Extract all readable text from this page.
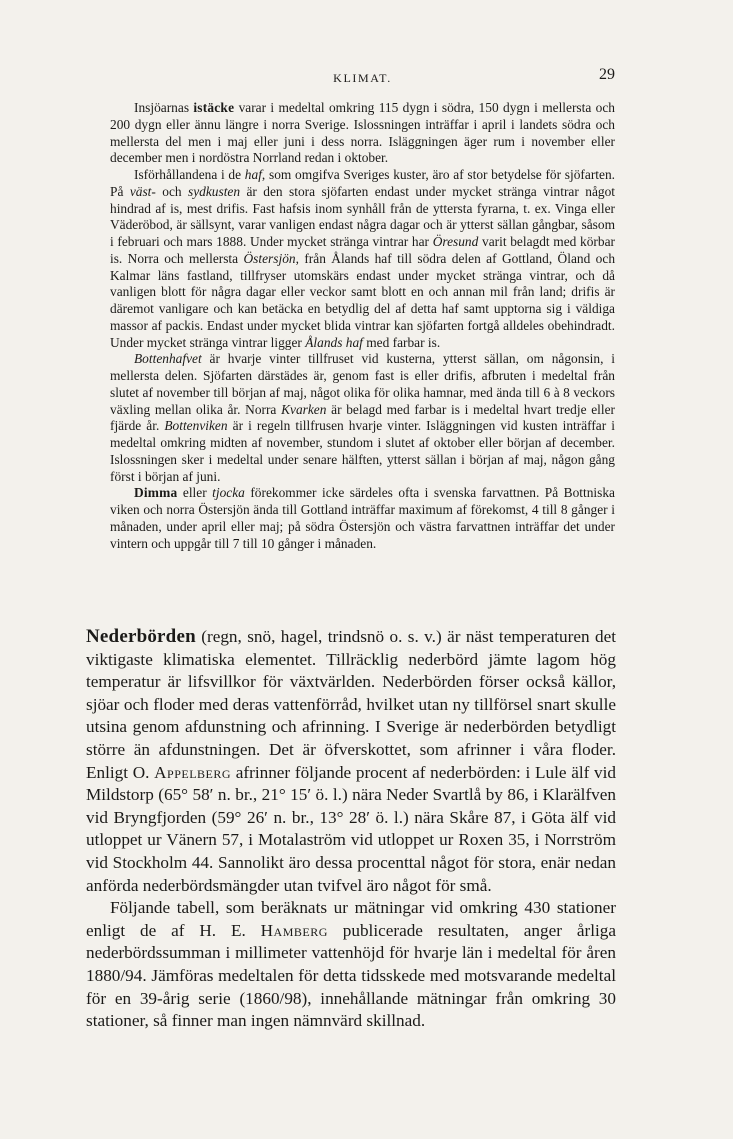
KLIMAT.	29

Insjöarnas istäcke varar i medeltal omkring 115 dygn i södra, 150 dygn i mellersta och 200 dygn eller ännu längre i norra Sverige. Islossningen inträffar i april i landets södra och mellersta del men i maj eller juni i dess norra. Isläggningen äger rum i november eller december men i nordöstra Norrland redan i oktober.

Isförhållandena i de haf, som omgifva Sveriges kuster, äro af stor betydelse för sjöfarten. På väst- och sydkusten är den stora sjöfarten endast under mycket stränga vintrar något hindrad af is, mest drifis. Fast hafsis inom synhåll från de yttersta fyrarna, t. ex. Vinga eller Väderöbod, är sällsynt, varar vanligen endast några dagar och är ytterst sällan gångbar, såsom i februari och mars 1888. Under mycket stränga vintrar har Öresund varit belagdt med körbar is. Norra och mellersta Östersjön, från Ålands haf till södra delen af Gottland, Öland och Kalmar läns fastland, tillfryser utomskärs endast under mycket stränga vintrar, och då vanligen blott för några dagar eller veckor samt blott en och annan mil från land; drifis är däremot vanligare och kan betäcka en betydlig del af detta haf samt upptorna sig i väldiga massor af packis. Endast under mycket blida vintrar kan sjöfarten fortgå alldeles obehindradt. Under mycket stränga vintrar ligger Ålands haf med farbar is.

Bottenhafvet är hvarje vinter tillfruset vid kusterna, ytterst sällan, om någonsin, i mellersta delen. Sjöfarten därstädes är, genom fast is eller drifis, afbruten i medeltal från slutet af november till början af maj, något olika för olika hamnar, med ända till 6 à 8 veckors växling mellan olika år. Norra Kvarken är belagd med farbar is i medeltal hvart tredje eller fjärde år. Bottenviken är i regeln tillfrusen hvarje vinter. Isläggningen vid kusten inträffar i medeltal omkring midten af november, stundom i slutet af oktober eller början af december. Islossningen sker i medeltal under senare hälften, ytterst sällan i början af maj, någon gång först i början af juni.

Dimma eller tjocka förekommer icke särdeles ofta i svenska farvattnen. På Bottniska viken och norra Östersjön ända till Gottland inträffar maximum af förekomst, 4 till 8 gånger i månaden, under april eller maj; på södra Östersjön och västra farvattnen inträffar det under vintern och uppgår till 7 till 10 gånger i månaden.

Nederbörden (regn, snö, hagel, trindsnö o. s. v.) är näst temperaturen det viktigaste klimatiska elementet. Tillräcklig nederbörd jämte lagom hög temperatur är lifsvillkor för växtvärlden. Nederbörden förser också källor, sjöar och floder med deras vattenförråd, hvilket utan ny tillförsel snart skulle utsina genom afdunstning och afrinning. I Sverige är nederbörden betydligt större än afdunstningen. Det är öfverskottet, som afrinner i våra floder. Enligt O. Appelberg afrinner följande procent af nederbörden: i Lule älf vid Mildstorp (65° 58′ n. br., 21° 15′ ö. l.) nära Neder Svartlå by 86, i Klarälfven vid Bryngfjorden (59° 26′ n. br., 13° 28′ ö. l.) nära Skåre 87, i Göta älf vid utloppet ur Vänern 57, i Motalaström vid utloppet ur Roxen 35, i Norrström vid Stockholm 44. Sannolikt äro dessa procenttal något för stora, enär nedan anförda nederbördsmängder utan tvifvel äro något för små.

Följande tabell, som beräknats ur mätningar vid omkring 430 stationer enligt de af H. E. Hamberg publicerade resultaten, anger årliga nederbördssumman i millimeter vattenhöjd för hvarje län i medeltal för åren 1880/94. Jämföras medeltalen för detta tidsskede med motsvarande medeltal för en 39-årig serie (1860/98), innehållande mätningar från omkring 30 stationer, så finner man ingen nämnvärd skillnad.
